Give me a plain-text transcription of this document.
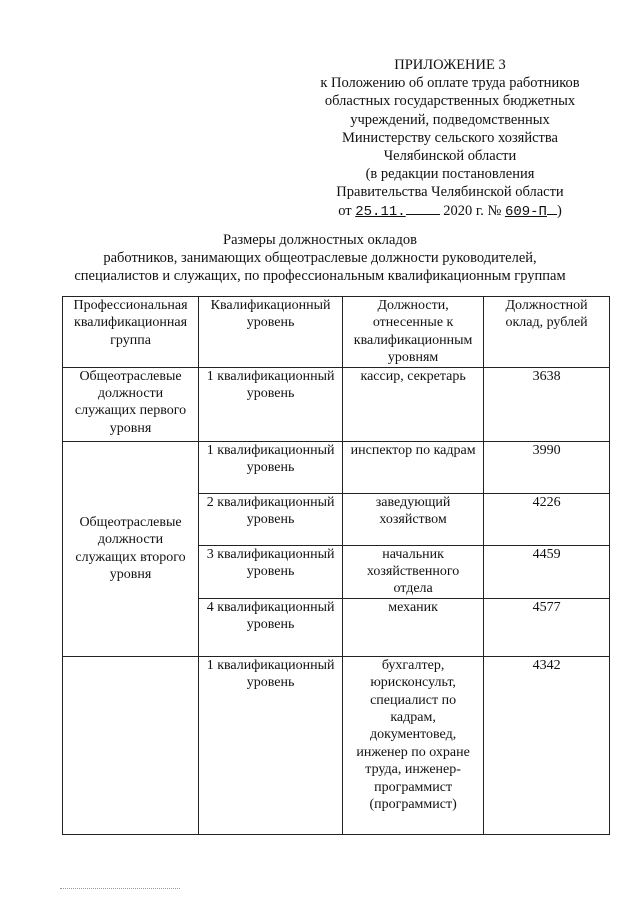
ПРИЛОЖЕНИЕ 3
к Положению об оплате труда работников
областных государственных бюджетных
учреждений, подведомственных
Министерству сельского хозяйства
Челябинской области
(в редакции постановления
Правительства Челябинской области
от 25.11.	2020 г. № 609-П )
Размеры должностных окладов
работников, занимающих общеотраслевые должности руководителей,
специалистов и служащих, по профессиональным квалификационным группам
Профессиональная квалификационная группа	Квалификационный уровень	Должности, отнесенные к квалификационным уровням	Должностной оклад, рублей
Общеотраслевые должности служащих первого уровня	1 квалификационный уровень	кассир, секретарь	3638
Общеотраслевые должности служащих второго уровня	1 квалификационный уровень	инспектор по кадрам	3990
	2 квалификационный уровень	заведующий хозяйством	4226
	3 квалификационный уровень	начальник хозяйственного отдела	4459
	4 квалификационный уровень	механик	4577
	1 квалификационный уровень	бухгалтер, юрисконсульт, специалист по кадрам, документовед, инженер по охране труда, инженер-программист (программист)	4342
